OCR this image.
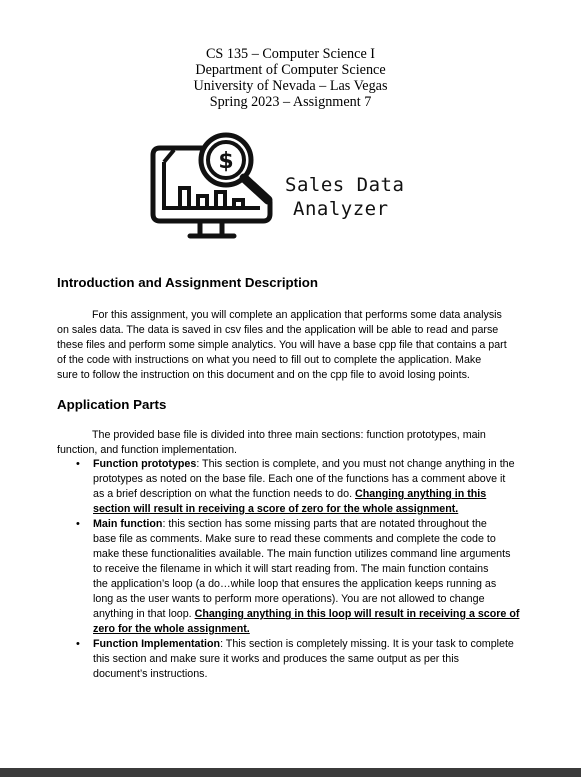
CS 135 – Computer Science I
Department of Computer Science
University of Nevada – Las Vegas
Spring 2023 – Assignment 7
$
Sales Data
Analyzer
Introduction and Assignment Description
For this assignment, you will complete an application that performs some data analysis
on sales data. The data is saved in csv files and the application will be able to read and parse
these files and perform some simple analytics. You will have a base cpp file that contains a part
of the code with instructions on what you need to fill out to complete the application. Make
sure to follow the instruction on this document and on the cpp file to avoid losing points.
Application Parts
The provided base file is divided into three main sections: function prototypes, main
function, and function implementation.
• Function prototypes: This section is complete, and you must not change anything in the
prototypes as noted on the base file. Each one of the functions has a comment above it
as a brief description on what the function needs to do. Changing anything in this
section will result in receiving a score of zero for the whole assignment.
• Main function: this section has some missing parts that are notated throughout the
base file as comments. Make sure to read these comments and complete the code to
make these functionalities available. The main function utilizes command line arguments
to receive the filename in which it will start reading from. The main function contains
the application’s loop (a do…while loop that ensures the application keeps running as
long as the user wants to perform more operations). You are not allowed to change
anything in that loop. Changing anything in this loop will result in receiving a score of
zero for the whole assignment.
• Function Implementation: This section is completely missing. It is your task to complete
this section and make sure it works and produces the same output as per this
document’s instructions.
